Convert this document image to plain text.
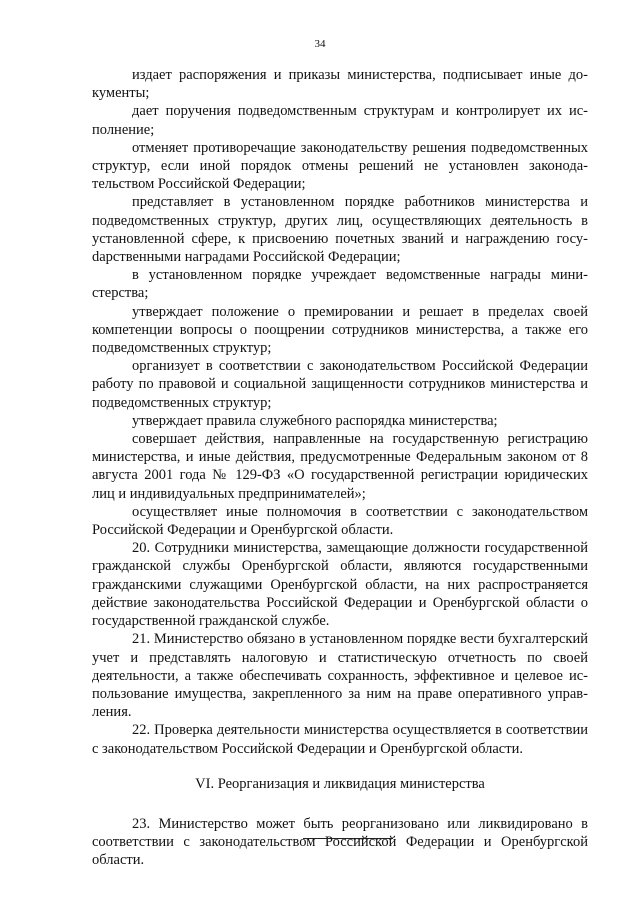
34

издает распоряжения и приказы министерства, подписывает иные документы;

дает поручения подведомственным структурам и контролирует их исполнение;

отменяет противоречащие законодательству решения подведомственных структур, если иной порядок отмены решений не установлен законодательством Российской Федерации;

представляет в установленном порядке работников министерства и подведомственных структур, других лиц, осуществляющих деятельность в установленной сфере, к присвоению почетных званий и награждению госуdарственными наградами Российской Федерации;

в установленном порядке учреждает ведомственные награды министерства;

утверждает положение о премировании и решает в пределах своей компетенции вопросы о поощрении сотрудников министерства, а также его подведомственных структур;

организует в соответствии с законодательством Российской Федерации работу по правовой и социальной защищенности сотрудников министерства и подведомственных структур;

утверждает правила служебного распорядка министерства;

совершает действия, направленные на государственную регистрацию министерства, и иные действия, предусмотренные Федеральным законом от 8 августа 2001 года № 129-ФЗ «О государственной регистрации юридических лиц и индивидуальных предпринимателей»;

осуществляет иные полномочия в соответствии с законодательством Российской Федерации и Оренбургской области.

20. Сотрудники министерства, замещающие должности государственной гражданской службы Оренбургской области, являются государственными гражданскими служащими Оренбургской области, на них распространяется действие законодательства Российской Федерации и Оренбургской области о государственной гражданской службе.

21. Министерство обязано в установленном порядке вести бухгалтерский учет и представлять налоговую и статистическую отчетность по своей деятельности, а также обеспечивать сохранность, эффективное и целевое использование имущества, закрепленного за ним на праве оперативного управления.

22. Проверка деятельности министерства осуществляется в соответствии с законодательством Российской Федерации и Оренбургской области.

VI. Реорганизация и ликвидация министерства

23. Министерство может быть реорганизовано или ликвидировано в соответствии с законодательством Российской Федерации и Оренбургской области.
